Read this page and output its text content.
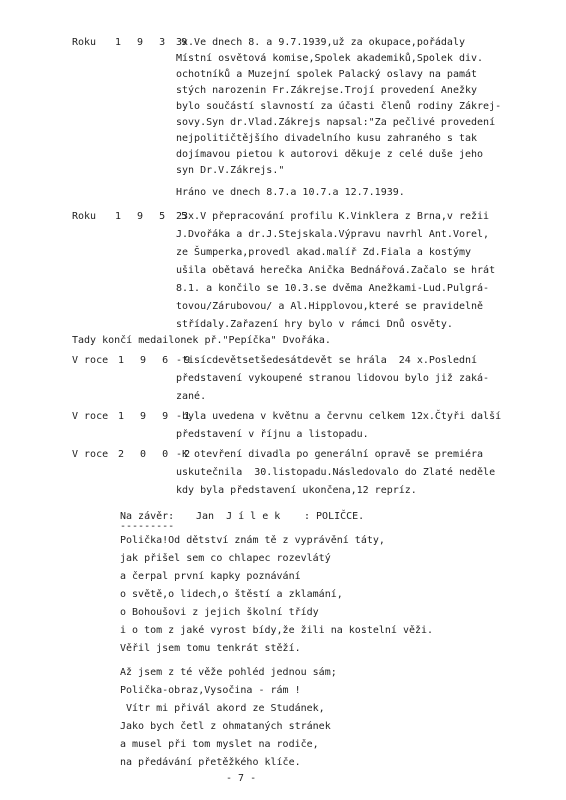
Roku 1 9 3 9
3x.Ve dnech 8. a 9.7.1939,už za okupace,pořádaly
Místní osvětová komise,Spolek akademiků,Spolek div.
ochotníků a Muzejní spolek Palacký oslavy na památ
stých narozenin Fr.Zákrejse.Trojí provedení Anežky
bylo součástí slavností za účasti členů rodiny Zákrej-
sovy.Syn dr.Vlad.Zákrejs napsal:"Za pečlivé provedení
nejpolitičtějšího divadelního kusu zahraného s tak
dojímavou pietou k autorovi děkuje z celé duše jeho
syn Dr.V.Zákrejs."
Hráno ve dnech 8.7.a 10.7.a 12.7.1939.
Roku 1 9 5 5
23x.V přepracování profilu K.Vinklera z Brna,v režii
J.Dvořáka a dr.J.Stejskala.Výpravu navrhl Ant.Vorel,
ze Šumperka,provedl akad.malíř Zd.Fiala a kostýmy
ušila obětavá herečka Anička Bednářová.Začalo se hrát
8.1. a končilo se 10.3.se dvěma Anežkami-Lud.Pulgrá-
tovou/Zárubovou/ a Al.Hipplovou,které se pravidelně
střídaly.Zařazení hry bylo v rámci Dnů osvěty.
Tady končí medailonek př."Pepíčka" Dvořáka.
V roce 1 9 6 9
-tisícdevětsetšedesátdevět se hrála  24 x.Poslední
představení vykoupené stranou lidovou bylo již zaká-
zané.
V roce 1 9 9 1
-byla uvedena v květnu a červnu celkem 12x.Čtyři další
představení v říjnu a listopadu.
V roce 2 0 0 2
-K otevření divadla po generální opravě se premiéra
uskutečnila  30.listopadu.Následovalo do Zlaté neděle
kdy byla představení ukončena,12 repríz.
Na závěr: Jan  J í l e k : POLIČCE.
---------
Polička!Od dětství znám tě z vyprávění táty,
jak přišel sem co chlapec rozevlátý
a čerpal první kapky poznávání
o světě,o lidech,o štěstí a zklamání,
o Bohoušovi z jejich školní třídy
i o tom z jaké vyrost bídy,že žili na kostelní věži.
Věřil jsem tomu tenkrát stěží.
Až jsem z té věže pohléd jednou sám;
Polička-obraz,Vysočina - rám !
Vítr mi přivál akord ze Studánek,
Jako bych četl z ohmataných stránek
a musel při tom myslet na rodiče,
na předávání přetěžkého klíče.
- 7 -
